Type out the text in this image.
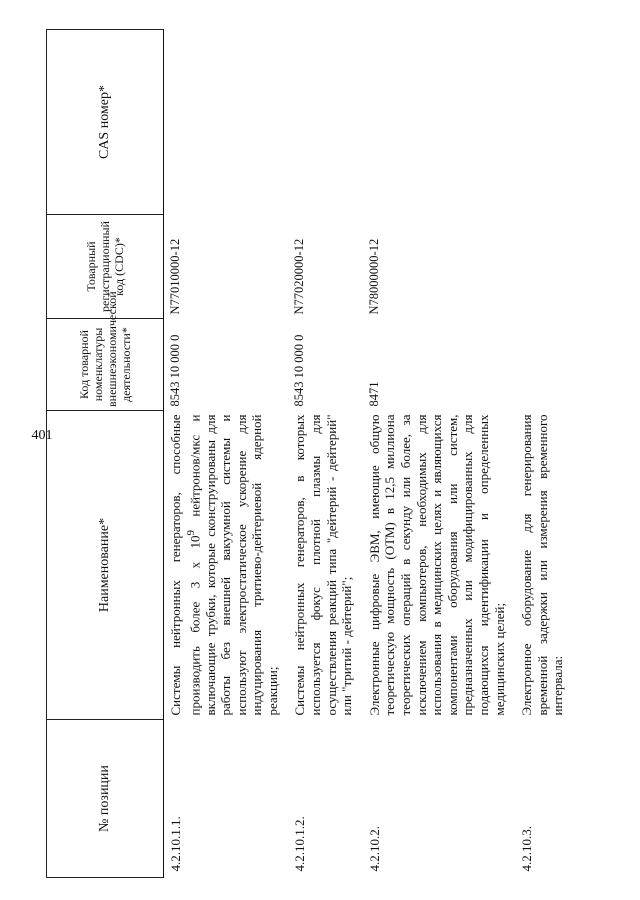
401
№ позиции	Наименование*	Код товарной номенклатуры внешнеэкономической деятельности*	Товарный регистрационный код (CDC)*	CAS номер*
4.2.10.1.1.	Системы нейтронных генераторов, способные производить более 3 х $10^9$ нейтронов/мкс и включающие трубки, которые сконструированы для работы без внешней вакуумной системы и используют электростатическое ускорение для индуцирования тритиево-дейтериевой ядерной реакции;	8543 10 000 0	N77010000-12	
4.2.10.1.2.	Системы нейтронных генераторов, в которых используется фокус плотной плазмы для осуществления реакций типа "дейтерий - дейтерий" или "тритий - дейтерий";	8543 10 000 0	N77020000-12	
4.2.10.2.	Электронные цифровые ЭВМ, имеющие общую теоретическую мощность (ОТМ) в 12,5 миллиона теоретических операций в секунду или более, за исключением компьютеров, необходимых для использования в медицинских целях и являющихся компонентами оборудования или систем, предназначенных или модифицированных для подающихся идентификации и определенных медицинских целей;	8471	N78000000-12	
4.2.10.3.	Электронное оборудование для генерирования временной задержки или измерения временного интервала:			
